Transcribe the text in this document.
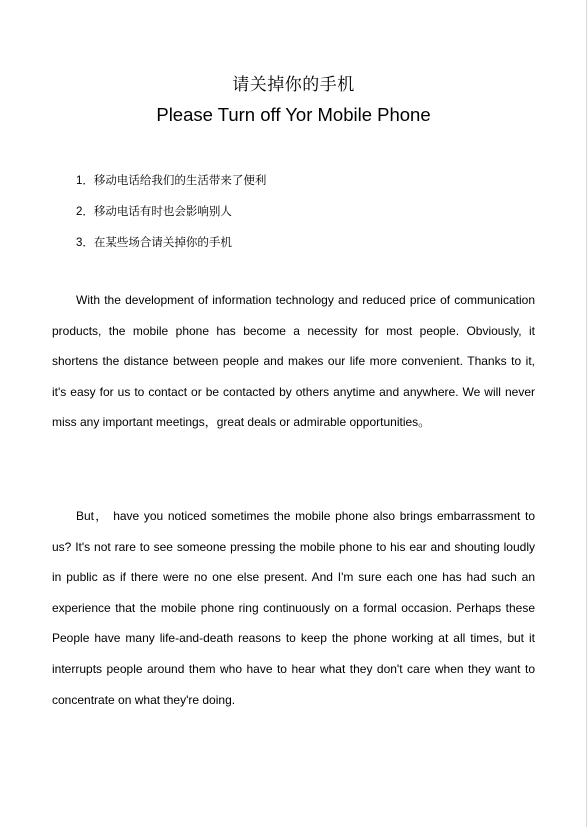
请关掉你的手机
Please Turn off Yor Mobile Phone
1．移动电话给我们的生活带来了便利
2．移动电话有时也会影响别人
3．在某些场合请关掉你的手机

With the development of information technology and reduced price of communication products, the mobile phone has become a necessity for most people. Obviously, it shortens the distance between people and makes our life more convenient. Thanks to it, it's easy for us to contact or be contacted by others anytime and anywhere. We will never miss any important meetings，great deals or admirable opportunities。

But， have you noticed sometimes the mobile phone also brings embarrassment to us? It's not rare to see someone pressing the mobile phone to his ear and shouting loudly in public as if there were no one else present. And I'm sure each one has had such an experience that the mobile phone ring continuously on a formal occasion. Perhaps these People have many life-and-death reasons to keep the phone working at all times, but it interrupts people around them who have to hear what they don't care when they want to concentrate on what they're doing.
